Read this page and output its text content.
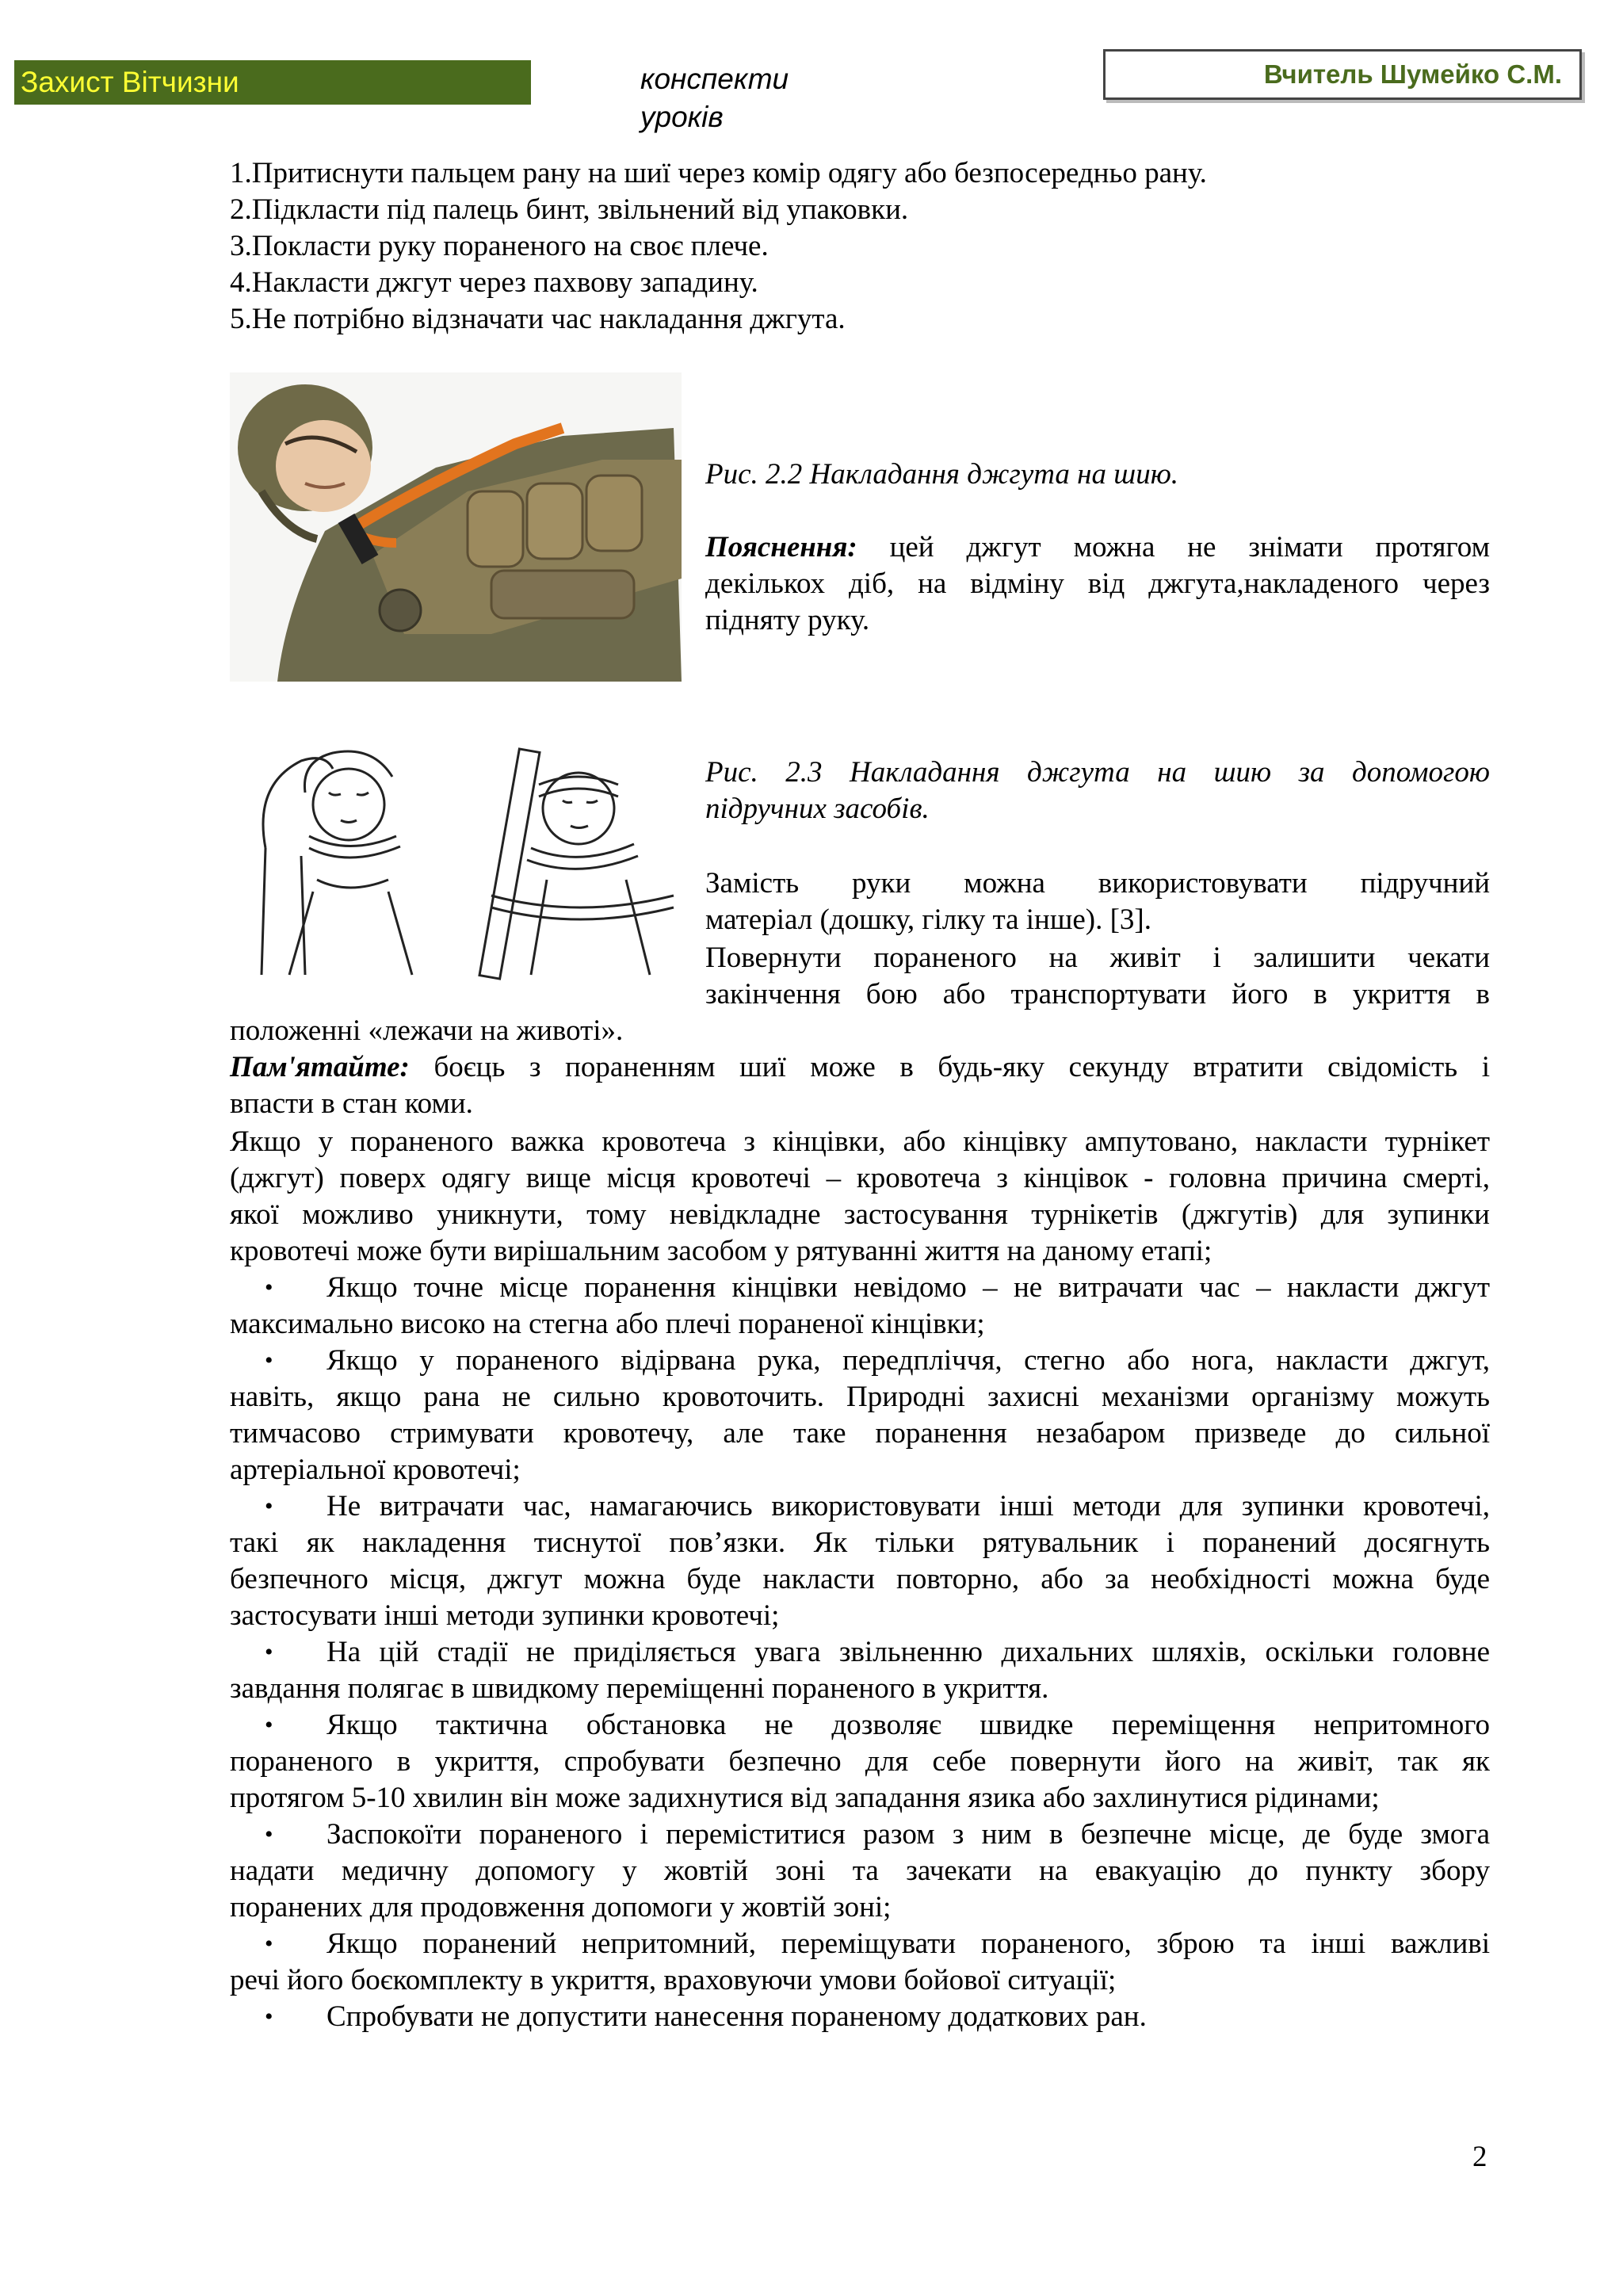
Захист Вітчизни	конспекти уроків
Вчитель Шумейко С.М.
1.Притиснути пальцем рану на шиї через комір одягу або безпосередньо рану.
2.Підкласти під палець бинт, звільнений від упаковки.
3.Покласти руку пораненого на своє плече.
4.Накласти джгут через пахвову западину.
5.Не потрібно відзначати час накладання джгута.
Рис. 2.2 Накладання джгута на шию.
Пояснення: цей джгут можна не знімати протягом
декількох діб, на відміну від джгута,накладеного через
підняту руку.
Рис. 2.3 Накладання джгута на шию за допомогою
підручних засобів.
Замість руки можна використовувати підручний
матеріал (дошку, гілку та інше). [3].
Повернути пораненого на живіт і залишити чекати
закінчення бою або транспортувати його в укриття в
положенні «лежачи на животі».
Пам'ятайте: боєць з пораненням шиї може в будь-яку секунду втратити свідомість і
впасти в стан коми.
Якщо у пораненого важка кровотеча з кінцівки, або кінцівку ампутовано, накласти турнікет
(джгут) поверх одягу вище місця кровотечі – кровотеча з кінцівок - головна причина смерті,
якої можливо уникнути, тому невідкладне застосування турнікетів (джгутів) для зупинки
кровотечі може бути вирішальним засобом у рятуванні життя на даному етапі;
• Якщо точне місце поранення кінцівки невідомо – не витрачати час – накласти джгут
максимально високо на стегна або плечі пораненої кінцівки;
• Якщо у пораненого відірвана рука, передпліччя, стегно або нога, накласти джгут,
навіть, якщо рана не сильно кровоточить. Природні захисні механізми організму можуть
тимчасово стримувати кровотечу, але таке поранення незабаром призведе до сильної
артеріальної кровотечі;
• Не витрачати час, намагаючись використовувати інші методи для зупинки кровотечі,
такі як накладення тиснутої пов’язки. Як тільки рятувальник і поранений досягнуть
безпечного місця, джгут можна буде накласти повторно, або за необхідності можна буде
застосувати інші методи зупинки кровотечі;
• На цій стадії не приділяється увага звільненню дихальних шляхів, оскільки головне
завдання полягає в швидкому переміщенні пораненого в укриття.
• Якщо тактична обстановка не дозволяє швидке переміщення непритомного
пораненого в укриття, спробувати безпечно для себе повернути його на живіт, так як
протягом 5-10 хвилин він може задихнутися від западання язика або захлинутися рідинами;
• Заспокоїти пораненого і переміститися разом з ним в безпечне місце, де буде змога
надати медичну допомогу у жовтій зоні та зачекати на евакуацію до пункту збору
поранених для продовження допомоги у жовтій зоні;
• Якщо поранений непритомний, переміщувати пораненого, зброю та інші важливі
речі його боєкомплекту в укриття, враховуючи умови бойової ситуації;
• Спробувати не допустити нанесення пораненому додаткових ран.
2
